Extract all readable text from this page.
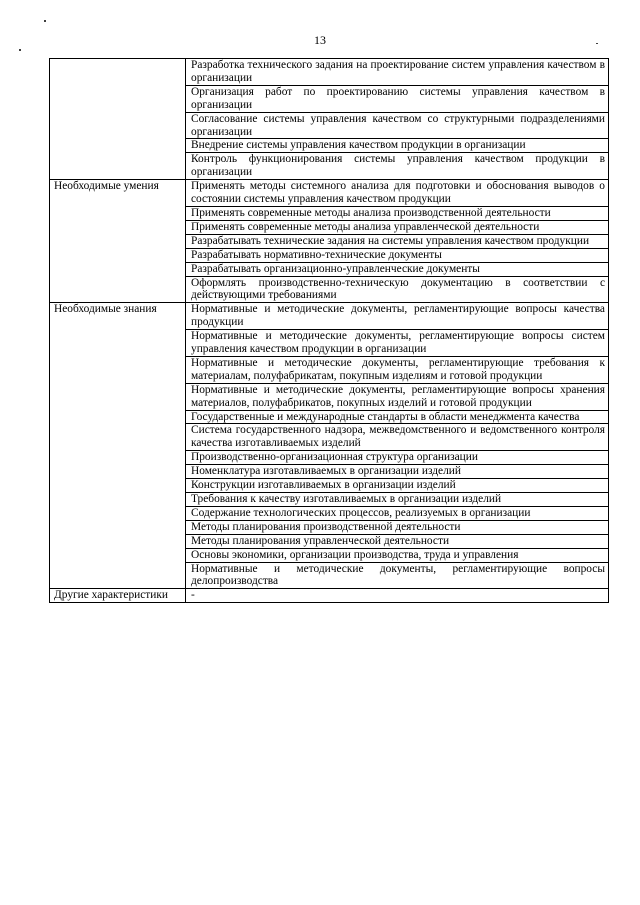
13
	Разработка технического задания на проектирование систем управления качеством в организации
	Организация работ по проектированию системы управления качеством в организации
	Согласование системы управления качеством со структурными подразделениями организации
	Внедрение системы управления качеством продукции в организации
	Контроль функционирования системы управления качеством продукции в организации
Необходимые умения	Применять методы системного анализа для подготовки и обоснования выводов о состоянии системы управления качеством продукции
	Применять современные методы анализа производственной деятельности
	Применять современные методы анализа управленческой деятельности
	Разрабатывать технические задания на системы управления качеством продукции
	Разрабатывать нормативно-технические документы
	Разрабатывать организационно-управленческие документы
	Оформлять производственно-техническую документацию в соответствии с действующими требованиями
Необходимые знания	Нормативные и методические документы, регламентирующие вопросы качества продукции
	Нормативные и методические документы, регламентирующие вопросы систем управления качеством продукции в организации
	Нормативные и методические документы, регламентирующие требования к материалам, полуфабрикатам, покупным изделиям и готовой продукции
	Нормативные и методические документы, регламентирующие вопросы хранения материалов, полуфабрикатов, покупных изделий и готовой продукции
	Государственные и международные стандарты в области менеджмента качества
	Система государственного надзора, межведомственного и ведомственного контроля качества изготавливаемых изделий
	Производственно-организационная структура организации
	Номенклатура изготавливаемых в организации изделий
	Конструкции изготавливаемых в организации изделий
	Требования к качеству изготавливаемых в организации изделий
	Содержание технологических процессов, реализуемых в организации
	Методы планирования производственной деятельности
	Методы планирования управленческой деятельности
	Основы экономики, организации производства, труда и управления
	Нормативные и методические документы, регламентирующие вопросы делопроизводства
Другие характеристики	-
